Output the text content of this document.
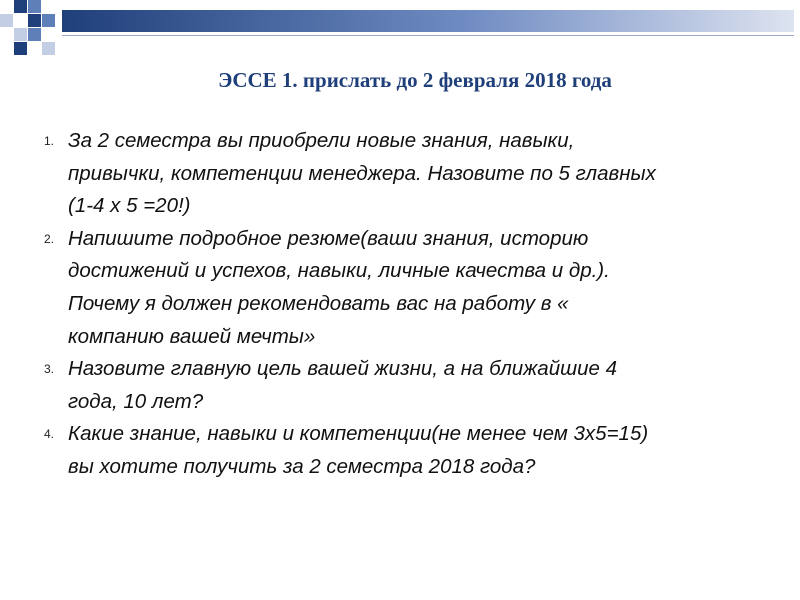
ЭССЕ 1. прислать до 2 февраля 2018 года
1. За 2 семестра вы приобрели новые знания, навыки,
привычки, компетенции менеджера. Назовите по 5 главных
(1-4 х 5 =20!)
2. Напишите подробное резюме(ваши знания, историю
достижений и успехов, навыки, личные качества и др.).
Почему я должен рекомендовать вас на работу в «
компанию вашей мечты»
3. Назовите главную цель вашей жизни, а на ближайшие 4
года, 10 лет?
4. Какие знание, навыки и компетенции(не менее чем 3х5=15)
вы хотите получить за 2 семестра 2018 года?
